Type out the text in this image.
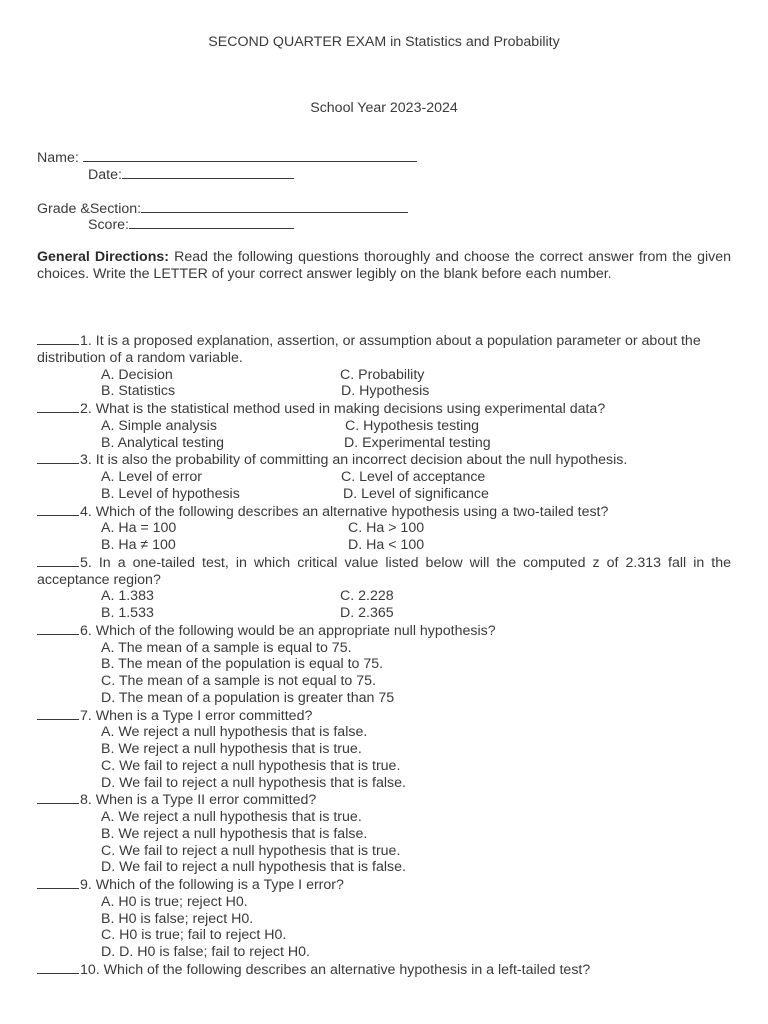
SECOND QUARTER EXAM in Statistics and Probability
School Year 2023-2024
Name:
Date:
Grade &Section:
Score:
General Directions: Read the following questions thoroughly and choose the correct answer from the given choices. Write the LETTER of your correct answer legibly on the blank before each number.
1. It is a proposed explanation, assertion, or assumption about a population parameter or about the distribution of a random variable.
A. Decision	C. Probability
B. Statistics	D. Hypothesis
2. What is the statistical method used in making decisions using experimental data?
A. Simple analysis	C. Hypothesis testing
B. Analytical testing	D. Experimental testing
3. It is also the probability of committing an incorrect decision about the null hypothesis.
A. Level of error	C. Level of acceptance
B. Level of hypothesis	D. Level of significance
4. Which of the following describes an alternative hypothesis using a two-tailed test?
A. Ha = 100	C. Ha > 100
B. Ha ≠ 100	D. Ha < 100
5. In a one-tailed test, in which critical value listed below will the computed z of 2.313 fall in the acceptance region?
A. 1.383	C. 2.228
B. 1.533	D. 2.365
6. Which of the following would be an appropriate null hypothesis?
A. The mean of a sample is equal to 75.
B. The mean of the population is equal to 75.
C. The mean of a sample is not equal to 75.
D. The mean of a population is greater than 75
7. When is a Type I error committed?
A. We reject a null hypothesis that is false.
B. We reject a null hypothesis that is true.
C. We fail to reject a null hypothesis that is true.
D. We fail to reject a null hypothesis that is false.
8. When is a Type II error committed?
A. We reject a null hypothesis that is true.
B. We reject a null hypothesis that is false.
C. We fail to reject a null hypothesis that is true.
D. We fail to reject a null hypothesis that is false.
9. Which of the following is a Type I error?
A. H0 is true; reject H0.
B. H0 is false; reject H0.
C. H0 is true; fail to reject H0.
D. D. H0 is false; fail to reject H0.
10. Which of the following describes an alternative hypothesis in a left-tailed test?
